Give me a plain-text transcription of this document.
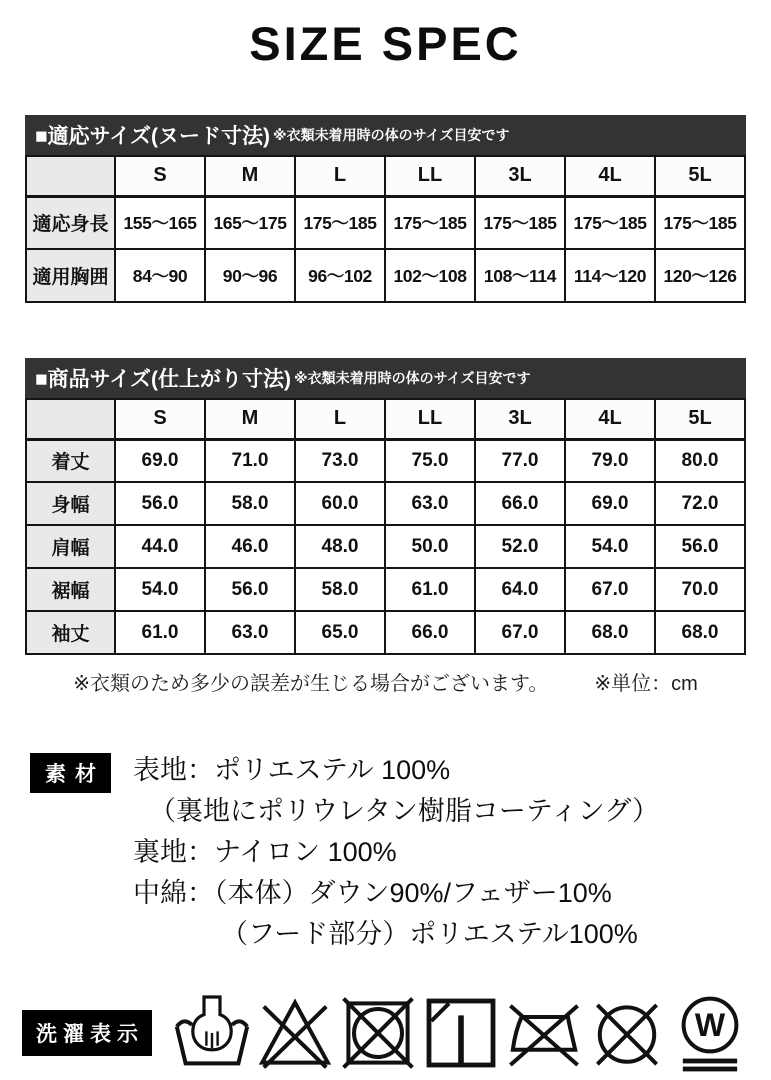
SIZE SPEC
■適応サイズ(ヌード寸法) ※衣類未着用時の体のサイズ目安です
	S	M	L	LL	3L	4L	5L
適応身長	155〜165	165〜175	175〜185	175〜185	175〜185	175〜185	175〜185
適用胸囲	84〜90	90〜96	96〜102	102〜108	108〜114	114〜120	120〜126
■商品サイズ(仕上がり寸法) ※衣類未着用時の体のサイズ目安です
	S	M	L	LL	3L	4L	5L
着丈	69.0	71.0	73.0	75.0	77.0	79.0	80.0
身幅	56.0	58.0	60.0	63.0	66.0	69.0	72.0
肩幅	44.0	46.0	48.0	50.0	52.0	54.0	56.0
裾幅	54.0	56.0	58.0	61.0	64.0	67.0	70.0
袖丈	61.0	63.0	65.0	66.0	67.0	68.0	68.0
※衣類のため多少の誤差が生じる場合がございます。 ※単位：cm
素材 表地：ポリエステル 100%
（裏地にポリウレタン樹脂コーティング）
裏地：ナイロン 100%
中綿：（本体）ダウン90%/フェザー10%
（フード部分）ポリエステル100%
洗濯表示	W
